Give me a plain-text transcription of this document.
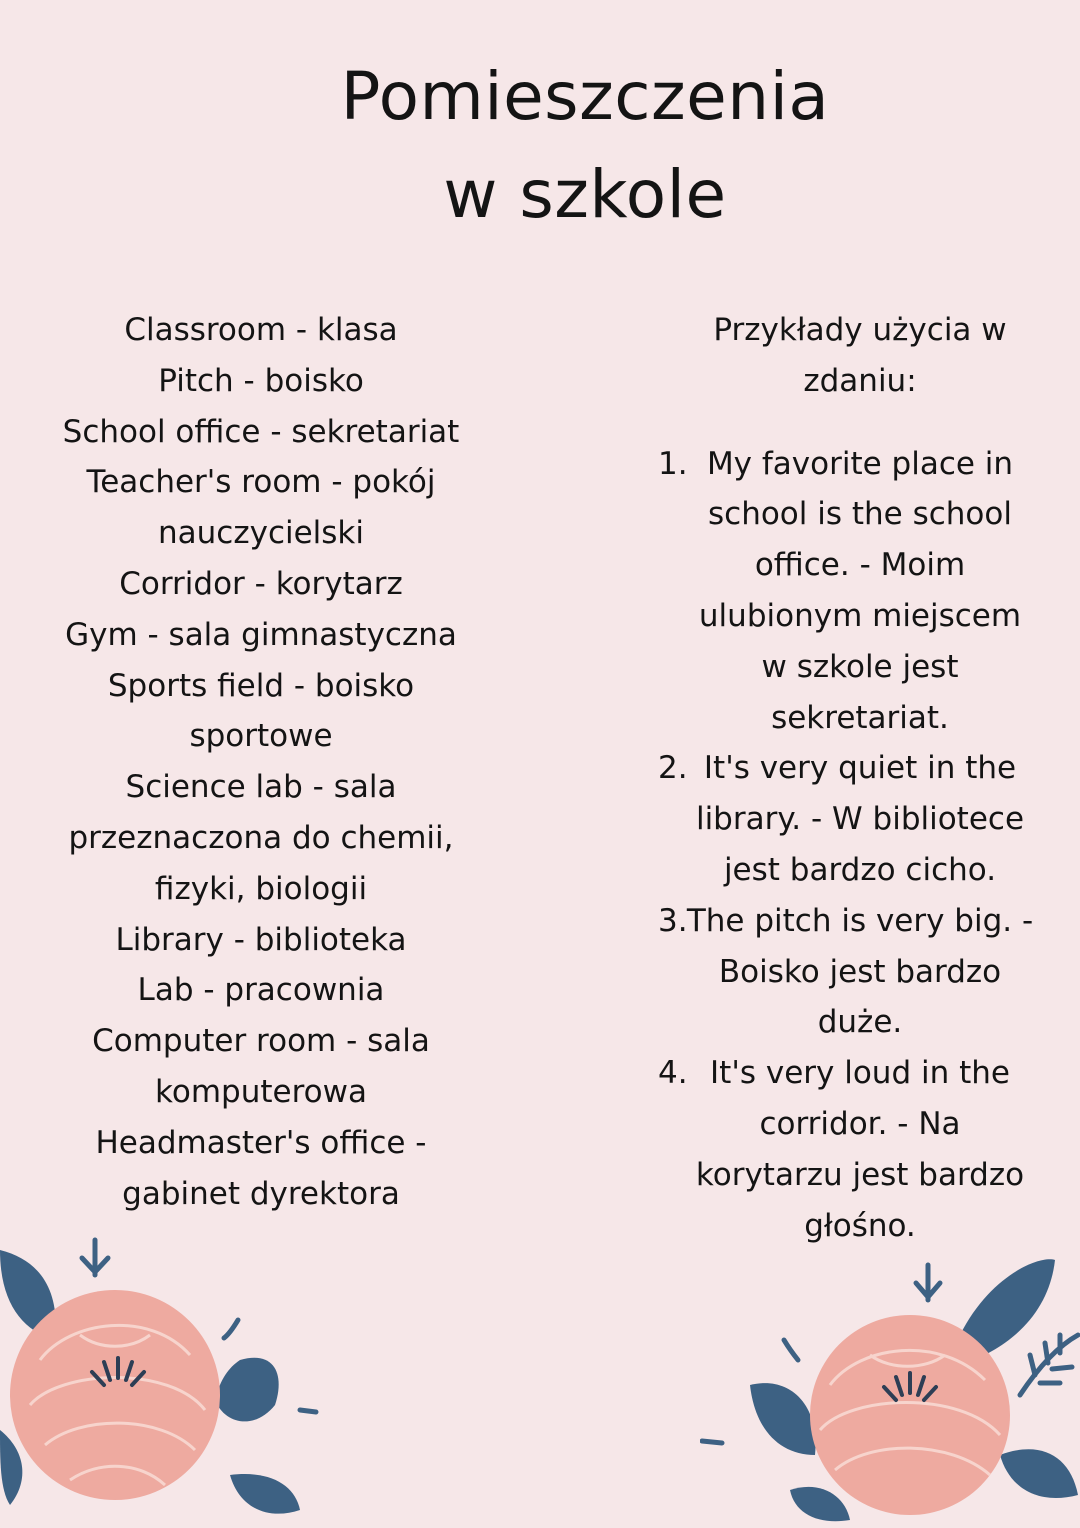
Pomieszczenia
w szkole
Classroom - klasa
Pitch - boisko
School office - sekretariat
Teacher's room - pokój
nauczycielski
Corridor - korytarz
Gym - sala gimnastyczna
Sports field - boisko
sportowe
Science lab - sala
przeznaczona do chemii,
fizyki, biologii
Library - biblioteka
Lab - pracownia
Computer room - sala
komputerowa
Headmaster's office -
gabinet dyrektora
Przykłady użycia w
zdaniu:
1. My favorite place in
school is the school
office. - Moim
ulubionym miejscem
w szkole jest
sekretariat.
2. It's very quiet in the
library. - W bibliotece
jest bardzo cicho.
3. The pitch is very big. -
Boisko jest bardzo
duże.
4. It's very loud in the
corridor. - Na
korytarzu jest bardzo
głośno.
